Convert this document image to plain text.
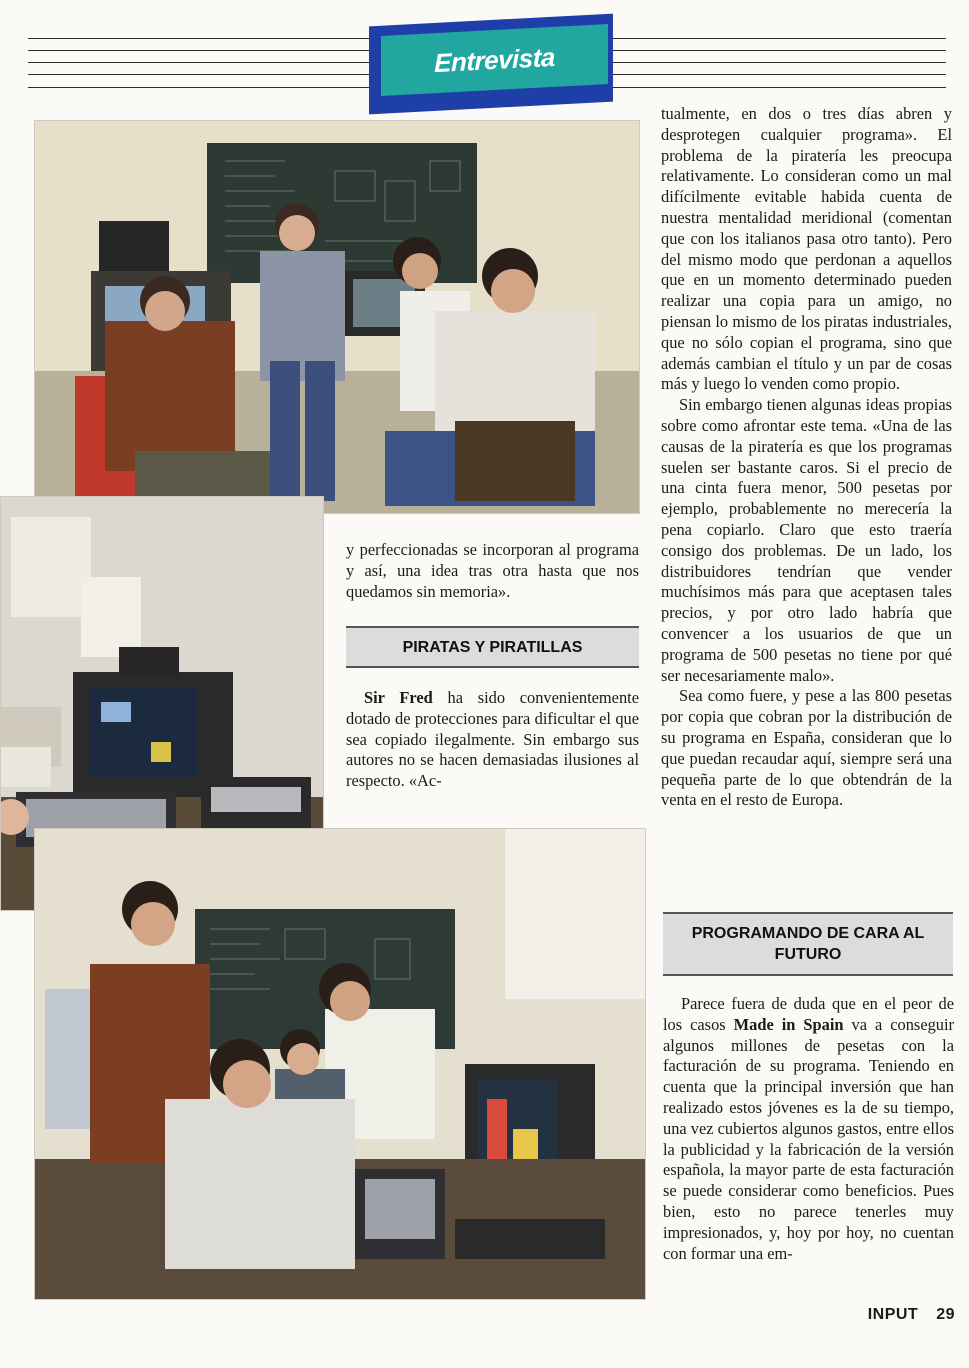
Entrevista

y perfeccionadas se incorporan al programa y así, una idea tras otra hasta que nos quedamos sin memoria».

PIRATAS Y PIRATILLAS

Sir Fred ha sido convenientemente dotado de protecciones para dificultar el que sea copiado ilegalmente. Sin embargo sus autores no se hacen demasiadas ilusiones al respecto. «Ac-

tualmente, en dos o tres días abren y desprotegen cualquier programa». El problema de la piratería les preocupa relativamente. Lo consideran como un mal difícilmente evitable habida cuenta de nuestra mentalidad meridional (comentan que con los italianos pasa otro tanto). Pero del mismo modo que perdonan a aquellos que en un momento determinado pueden realizar una copia para un amigo, no piensan lo mismo de los piratas industriales, que no sólo copian el programa, sino que además cambian el título y un par de cosas más y luego lo venden como propio.

Sin embargo tienen algunas ideas propias sobre como afrontar este tema. «Una de las causas de la piratería es que los programas suelen ser bastante caros. Si el precio de una cinta fuera menor, 500 pesetas por ejemplo, probablemente no merecería la pena copiarlo. Claro que esto traería consigo dos problemas. De un lado, los distribuidores tendrían que vender muchísimos más para que aceptasen tales precios, y por otro lado habría que convencer a los usuarios de que un programa de 500 pesetas no tiene por qué ser necesariamente malo».

Sea como fuere, y pese a las 800 pesetas por copia que cobran por la distribución de su programa en España, consideran que lo que puedan recaudar aquí, siempre será una pequeña parte de lo que obtendrán de la venta en el resto de Europa.

PROGRAMANDO DE CARA AL FUTURO

Parece fuera de duda que en el peor de los casos Made in Spain va a conseguir algunos millones de pesetas con la facturación de su programa. Teniendo en cuenta que la principal inversión que han realizado estos jóvenes es la de su tiempo, una vez cubiertos algunos gastos, entre ellos la publicidad y la fabricación de la versión española, la mayor parte de esta facturación se puede considerar como beneficios. Pues bien, esto no parece tenerles muy impresionados, y, hoy por hoy, no cuentan con formar una em-

INPUT 29
